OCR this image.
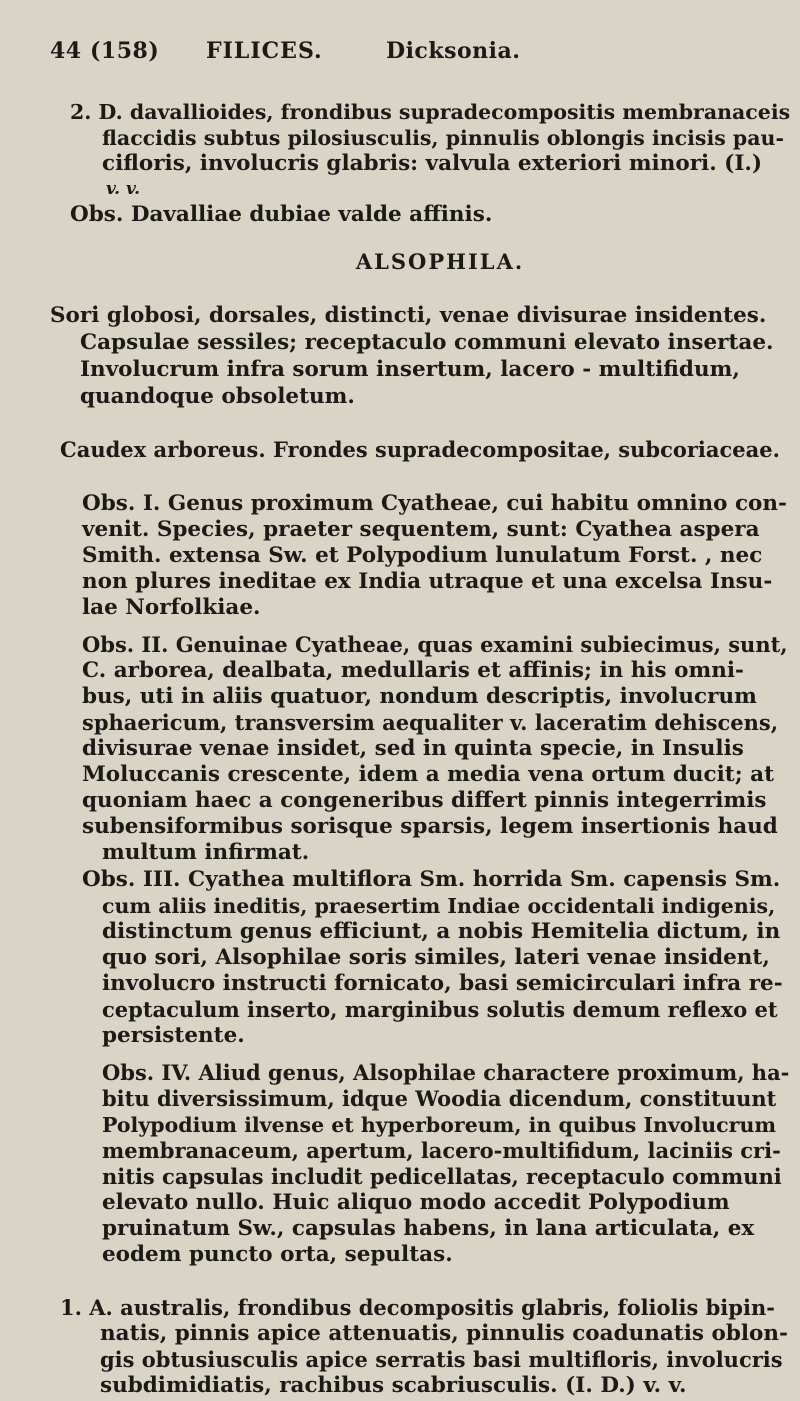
44 (158) FILICES.	Dicksonia.
2. D. davallioides, frondibus supradecompositis membranaceis
flaccidis subtus pilosiusculis, pinnulis oblongis incisis pau-
cifloris, involucris glabris: valvula exteriori minori. (I.)
v. v.
Obs. Davalliae dubiae valde affinis.
ALSOPHILA.
Sori globosi, dorsales, distincti, venae divisurae insidentes.
Capsulae sessiles; receptaculo communi elevato insertae.
Involucrum infra sorum insertum, lacero - multifidum,
quandoque obsoletum.
Caudex arboreus. Frondes supradecompositae, subcoriaceae.
Obs. I. Genus proximum Cyatheae, cui habitu omnino con-
venit. Species, praeter sequentem, sunt: Cyathea aspera
Smith. extensa Sw. et Polypodium lunulatum Forst. , nec
non plures ineditae ex India utraque et una excelsa Insu-
lae Norfolkiae.
Obs. II. Genuinae Cyatheae, quas examini subiecimus, sunt,
C. arborea, dealbata, medullaris et affinis; in his omni-
bus, uti in aliis quatuor, nondum descriptis, involucrum
sphaericum, transversim aequaliter v. laceratim dehiscens,
divisurae venae insidet, sed in quinta specie, in Insulis
Moluccanis crescente, idem a media vena ortum ducit; at
quoniam haec a congeneribus differt pinnis integerrimis
subensiformibus sorisque sparsis, legem insertionis haud
multum infirmat.
Obs. III. Cyathea multiflora Sm. horrida Sm. capensis Sm.
cum aliis ineditis, praesertim Indiae occidentali indigenis,
distinctum genus efficiunt, a nobis Hemitelia dictum, in
quo sori, Alsophilae soris similes, lateri venae insident,
involucro instructi fornicato, basi semicirculari infra re-
ceptaculum inserto, marginibus solutis demum reflexo et
persistente.
Obs. IV. Aliud genus, Alsophilae charactere proximum, ha-
bitu diversissimum, idque Woodia dicendum, constituunt
Polypodium ilvense et hyperboreum, in quibus Involucrum
membranaceum, apertum, lacero-multifidum, laciniis cri-
nitis capsulas includit pedicellatas, receptaculo communi
elevato nullo. Huic aliquo modo accedit Polypodium
pruinatum Sw., capsulas habens, in lana articulata, ex
eodem puncto orta, sepultas.
1. A. australis, frondibus decompositis glabris, foliolis bipin-
natis, pinnis apice attenuatis, pinnulis coadunatis oblon-
gis obtusiusculis apice serratis basi multifloris, involucris
subdimidiatis, rachibus scabriusculis. (I. D.) v. v.
